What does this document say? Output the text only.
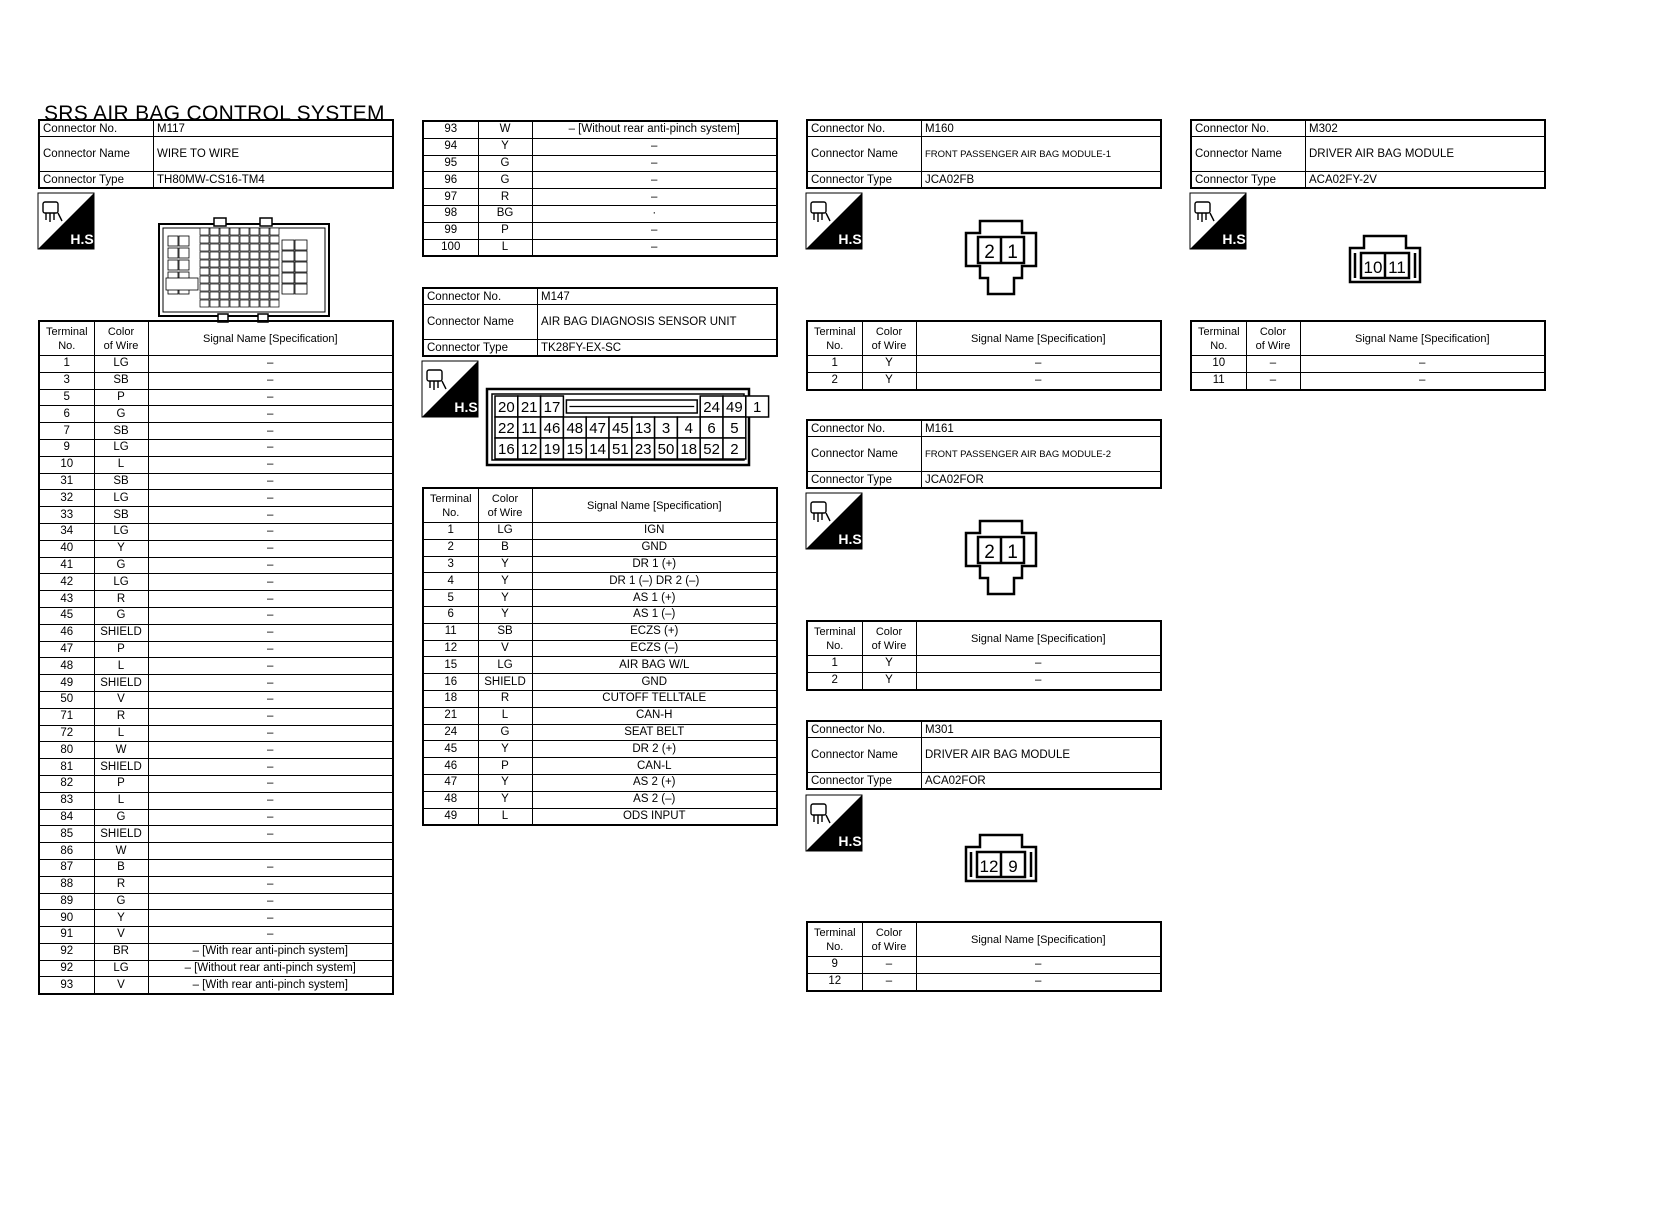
SRS AIR BAG CONTROL SYSTEM
Connector No.	M117
Connector Name	WIRE TO WIRE
Connector Type	TH80MW-CS16-TM4
H.S.
Terminal
No.	Color
of Wire	Signal Name [Specification]
1	LG	–
3	SB	–
5	P	–
6	G	–
7	SB	–
9	LG	–
10	L	–
31	SB	–
32	LG	–
33	SB	–
34	LG	–
40	Y	–
41	G	–
42	LG	–
43	R	–
45	G	–
46	SHIELD	–
47	P	–
48	L	–
49	SHIELD	–
50	V	–
71	R	–
72	L	–
80	W	–
81	SHIELD	–
82	P	–
83	L	–
84	G	–
85	SHIELD	–
86	W	
87	B	–
88	R	–
89	G	–
90	Y	–
91	V	–
92	BR	– [With rear anti-pinch system]
92	LG	– [Without rear anti-pinch system]
93	V	– [With rear anti-pinch system]
93	W	– [Without rear anti-pinch system]
94	Y	–
95	G	–
96	G	–
97	R	–
98	BG	·
99	P	–
100	L	–
Connector No.	M147
Connector Name	AIR BAG DIAGNOSIS SENSOR UNIT
Connector Type	TK28FY-EX-SC
H.S. 20 21 17	24 49 1
22 11 46 48 47 45 13 3 4 6 5
16 12 19 15 14 51 23 50 18 52 2
Terminal
No.	Color
of Wire	Signal Name [Specification]
1	LG	IGN
2	B	GND
3	Y	DR 1 (+)
4	Y	DR 1 (–) DR 2 (–)
5	Y	AS 1 (+)
6	Y	AS 1 (–)
11	SB	ECZS (+)
12	V	ECZS (–)
15	LG	AIR BAG W/L
16	SHIELD	GND
18	R	CUTOFF TELLTALE
21	L	CAN-H
24	G	SEAT BELT
45	Y	DR 2 (+)
46	P	CAN-L
47	Y	AS 2 (+)
48	Y	AS 2 (–)
49	L	ODS INPUT
Connector No.	M160
Connector Name	FRONT PASSENGER AIR BAG MODULE-1
Connector Type	JCA02FB
H.S.
2 1
Terminal
No.	Color
of Wire	Signal Name [Specification]
1	Y	–
2	Y	–
Connector No.	M161
Connector Name	FRONT PASSENGER AIR BAG MODULE-2
Connector Type	JCA02FOR
H.S.
2 1
Terminal
No.	Color
of Wire	Signal Name [Specification]
1	Y	–
2	Y	–
Connector No.	M301
Connector Name	DRIVER AIR BAG MODULE
Connector Type	ACA02FOR
H.S.
12 9
Terminal
No.	Color
of Wire	Signal Name [Specification]
9	–	–
12	–	–
Connector No.	M302
Connector Name	DRIVER AIR BAG MODULE
Connector Type	ACA02FY-2V
H.S.
10 11
Terminal
No.	Color
of Wire	Signal Name [Specification]
10	–	–
11	–	–
